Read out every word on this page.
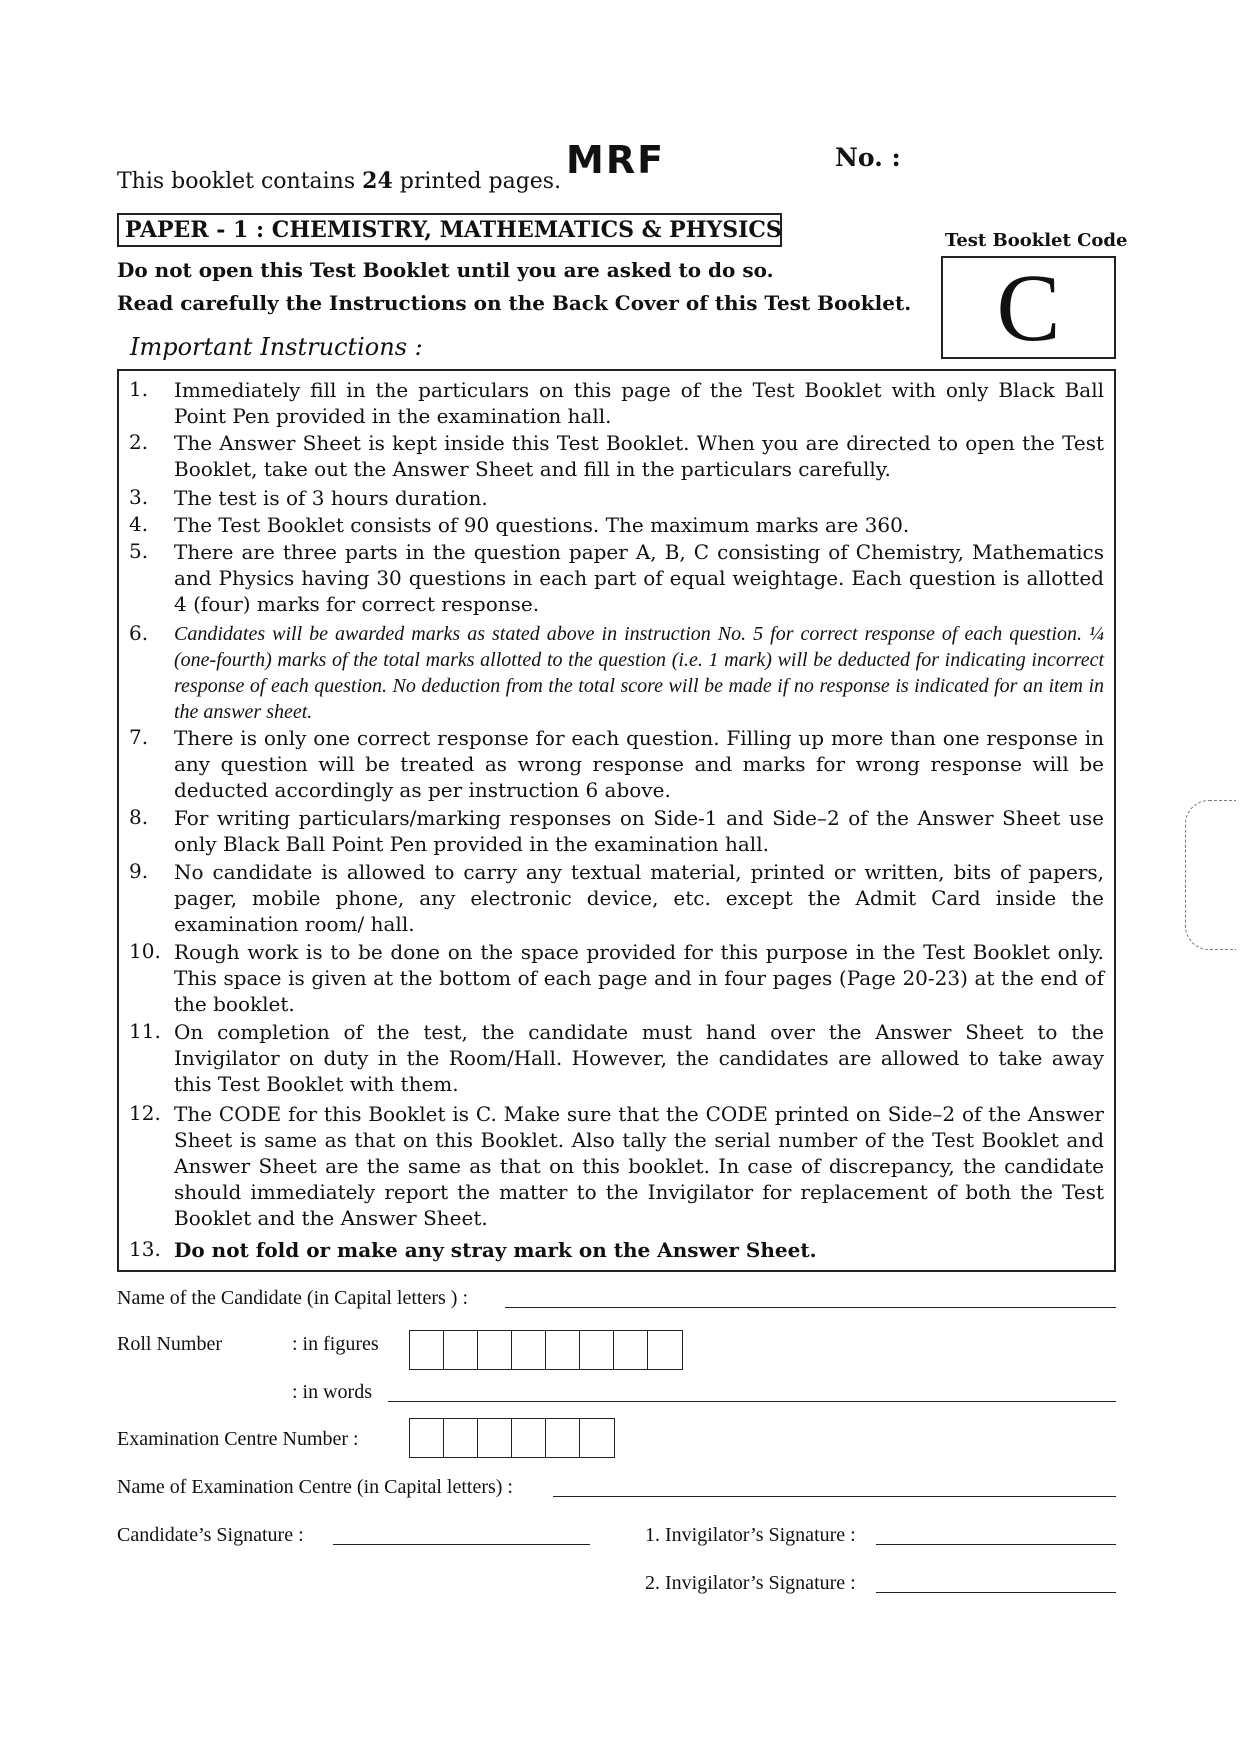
This booklet contains 24 printed pages. MRF	No. :
PAPER - 1 : CHEMISTRY, MATHEMATICS & PHYSICS	Test Booklet Code
C
Do not open this Test Booklet until you are asked to do so.
Read carefully the Instructions on the Back Cover of this Test Booklet.
Important Instructions :
1.	Immediately fill in the particulars on this page of the Test Booklet with only Black Ball Point Pen provided in the examination hall.
2.	The Answer Sheet is kept inside this Test Booklet. When you are directed to open the Test Booklet, take out the Answer Sheet and fill in the particulars carefully.
3.	The test is of 3 hours duration.
4.	The Test Booklet consists of 90 questions. The maximum marks are 360.
5.	There are three parts in the question paper A, B, C consisting of Chemistry, Mathematics and Physics having 30 questions in each part of equal weightage. Each question is allotted 4 (four) marks for correct response.
6.	Candidates will be awarded marks as stated above in instruction No. 5 for correct response of each question. ¼ (one-fourth) marks of the total marks allotted to the question (i.e. 1 mark) will be deducted for indicating incorrect response of each question. No deduction from the total score will be made if no response is indicated for an item in the answer sheet.
7.	There is only one correct response for each question. Filling up more than one response in any question will be treated as wrong response and marks for wrong response will be deducted accordingly as per instruction 6 above.
8.	For writing particulars/marking responses on Side-1 and Side–2 of the Answer Sheet use only Black Ball Point Pen provided in the examination hall.
9.	No candidate is allowed to carry any textual material, printed or written, bits of papers, pager, mobile phone, any electronic device, etc. except the Admit Card inside the examination room/ hall.
10. Rough work is to be done on the space provided for this purpose in the Test Booklet only. This space is given at the bottom of each page and in four pages (Page 20-23) at the end of the booklet.
11. On completion of the test, the candidate must hand over the Answer Sheet to the Invigilator on duty in the Room/Hall. However, the candidates are allowed to take away this Test Booklet with them.
12. The CODE for this Booklet is C. Make sure that the CODE printed on Side–2 of the Answer Sheet is same as that on this Booklet. Also tally the serial number of the Test Booklet and Answer Sheet are the same as that on this booklet. In case of discrepancy, the candidate should immediately report the matter to the Invigilator for replacement of both the Test Booklet and the Answer Sheet.
13. Do not fold or make any stray mark on the Answer Sheet.
Name of the Candidate (in Capital letters ) :
Roll Number	: in figures
: in words
Examination Centre Number :
Name of Examination Centre (in Capital letters) :
Candidate’s Signature :	1. Invigilator’s Signature :
2. Invigilator’s Signature :
